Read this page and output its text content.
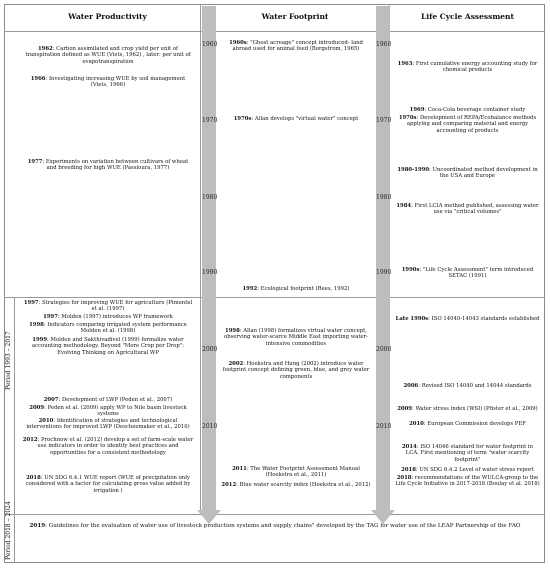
Water Productivity	Water Footprint	Life Cycle Assessment
1960
1970
1980
1990
2000
2010
1960
1970
1980
1990
2000
2010
Period 1993 – 2017
Period 2018 – 2024
1962: Carbon assimilated and crop yield per unit of transpiration defined as WUE (Viets, 1962) , later: per unit of evapotranspiration
1966: Investigating increasing WUE by soil management (Viets, 1966)
1977: Experiments on variation between cultivars of wheat and breeding for high WUE (Passioura, 1977)
1997: Strategies for improving WUE for agriculture (Pimentel et al. (1997)
1997: Molden (1997) introduces WP framework
1998: Indicators comparing irrigated system performance Molden et al. (1998)
1999: Molden and Sakthivadivel (1999) formalize water accounting methodology. Beyond "More Crop per Drop": Evolving Thinking on Agricultural WP
2007: Development of LWP (Peden et al., 2007)
2009: Peden et al. (2009) apply WP to Nile basin livestock systems
2010: Identification of strategies and technological interventions for improved LWP (Descheemaker et al., 2010)
2012: Prochnow et al. (2012) develop a set of farm-scale water use indicators in order to identify best practices and opportunities for a consistent methodology
2018: UN SDG 6.4.1 WUE report (WUE of precipitation only considered with a factor for calculating gross value added by irrigation )
1960s: "Ghost acreage" concept introduced- land abroad used for animal feed (Borgstrom, 1965)
1970s: Allan develops "virtual water" concept
1992: Ecological footprint (Rees, 1992)
1998: Allan (1998) formalizes virtual water concept, observing water-scarce Middle East importing water-intensive commodities
2002: Hoekstra and Hung (2002) introduce water footprint concept defining green, blue, and grey water components
2011: The Water Footprint Assessment Manual (Hoekstra et al., 2011)
2012: Blue water scarcity index (Hoekstra et al., 2012)
1963: First cumulative energy accounting study for chemical products
1969: Coca-Cola beverage container study
1970s: Development of REPA/Ecobalance methods applying and comparing material and energy accounting of products
1980-1990: Uncoordinated method development in the USA and Europe
1984: First LCIA method published, assessing water use via "critical volumes"
1990s: "Life Cycle Assessment" term introduced SETAC (1991)
Late 1990s: ISO 14040-14043 standards established
2006: Revised ISO 14040 and 14044 standards
2009: Water stress index (WSI) (Pfister et al., 2009)
2010: European Commission develops PEF
2014: ISO 14046 standard for water footprint in LCA. First mentioning of term "water scarcity footprint"
2018: UN SDG 6.4.2 Level of water stress report
2018: recommendations of the WULCA-group to the Life Cycle Initiative in 2017-2018 (Boulay et al. 2018)
2019: Guidelines for the evaluation of water use of livestock production systems and supply chains" developed by the TAG for water use of the LEAP Partnership of the FAO
